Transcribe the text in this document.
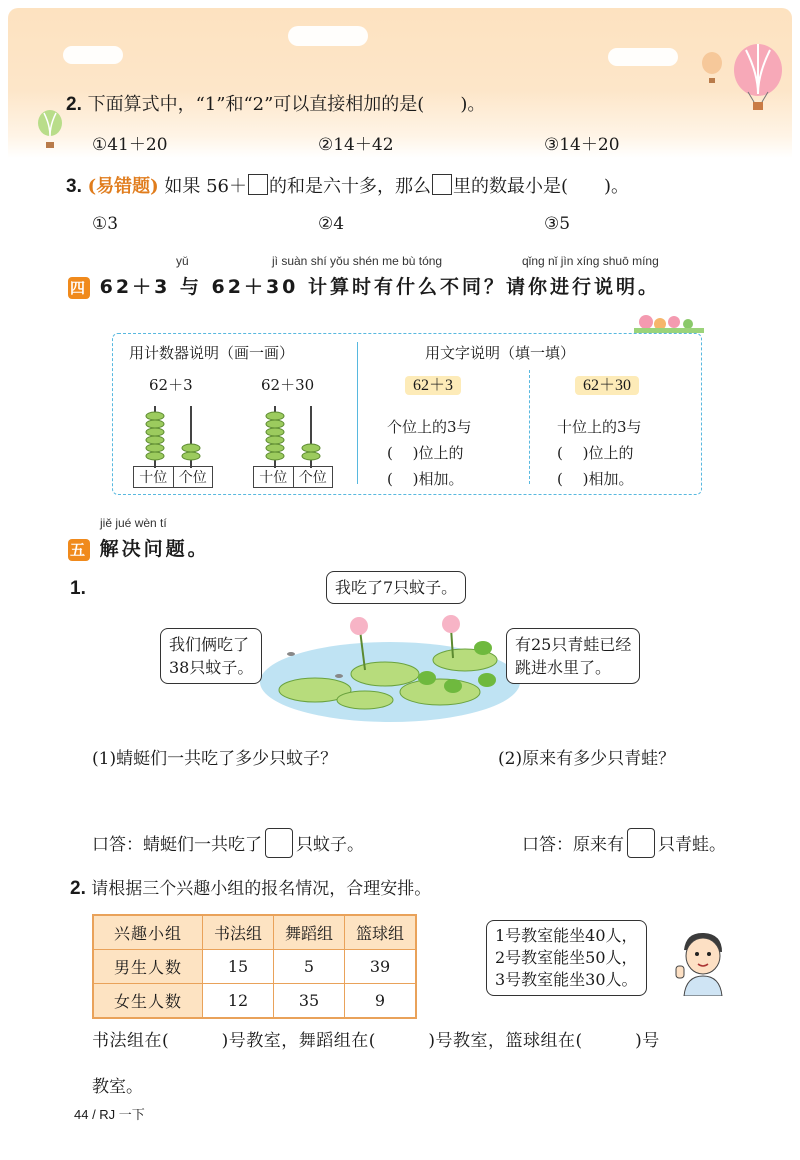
2. 下面算式中，“1”和“2”可以直接相加的是(　　)。
①41＋20	②14＋42	③14＋20
3. (易错题) 如果 56＋ 的和是六十多，那么 里的数最小是(　　)。
①3	②4	③5
yǔ	jì suàn shí yǒu shén me bù tóng	qǐng nǐ jìn xíng shuō míng
四 62＋3 与 62＋30 计算时有什么不同？请你进行说明。
用计数器说明（画一画）	用文字说明（填一填）
62＋3	62＋30
十位 个位	十位 个位
62＋3	62＋30
个位上的3与
(　 )位上的
(　 )相加。
十位上的3与
(　 )位上的
(　 )相加。
jiě jué wèn tí
五 解决问题。
1.	我吃了7只蚊子。
我们俩吃了
38只蚊子。
有25只青蛙已经
跳进水里了。
(1)蜻蜓们一共吃了多少只蚊子？	(2)原来有多少只青蛙？
口答：蜻蜓们一共吃了 只蚊子。	口答：原来有 只青蛙。
2. 请根据三个兴趣小组的报名情况，合理安排。
兴趣小组	书法组	舞蹈组	篮球组
男生人数	15	5	39
女生人数	12	35	9
1号教室能坐40人，
2号教室能坐50人，
3号教室能坐30人。
书法组在(　　　)号教室，舞蹈组在(　　　)号教室，篮球组在(　　　)号
教室。
44 / RJ 一下
